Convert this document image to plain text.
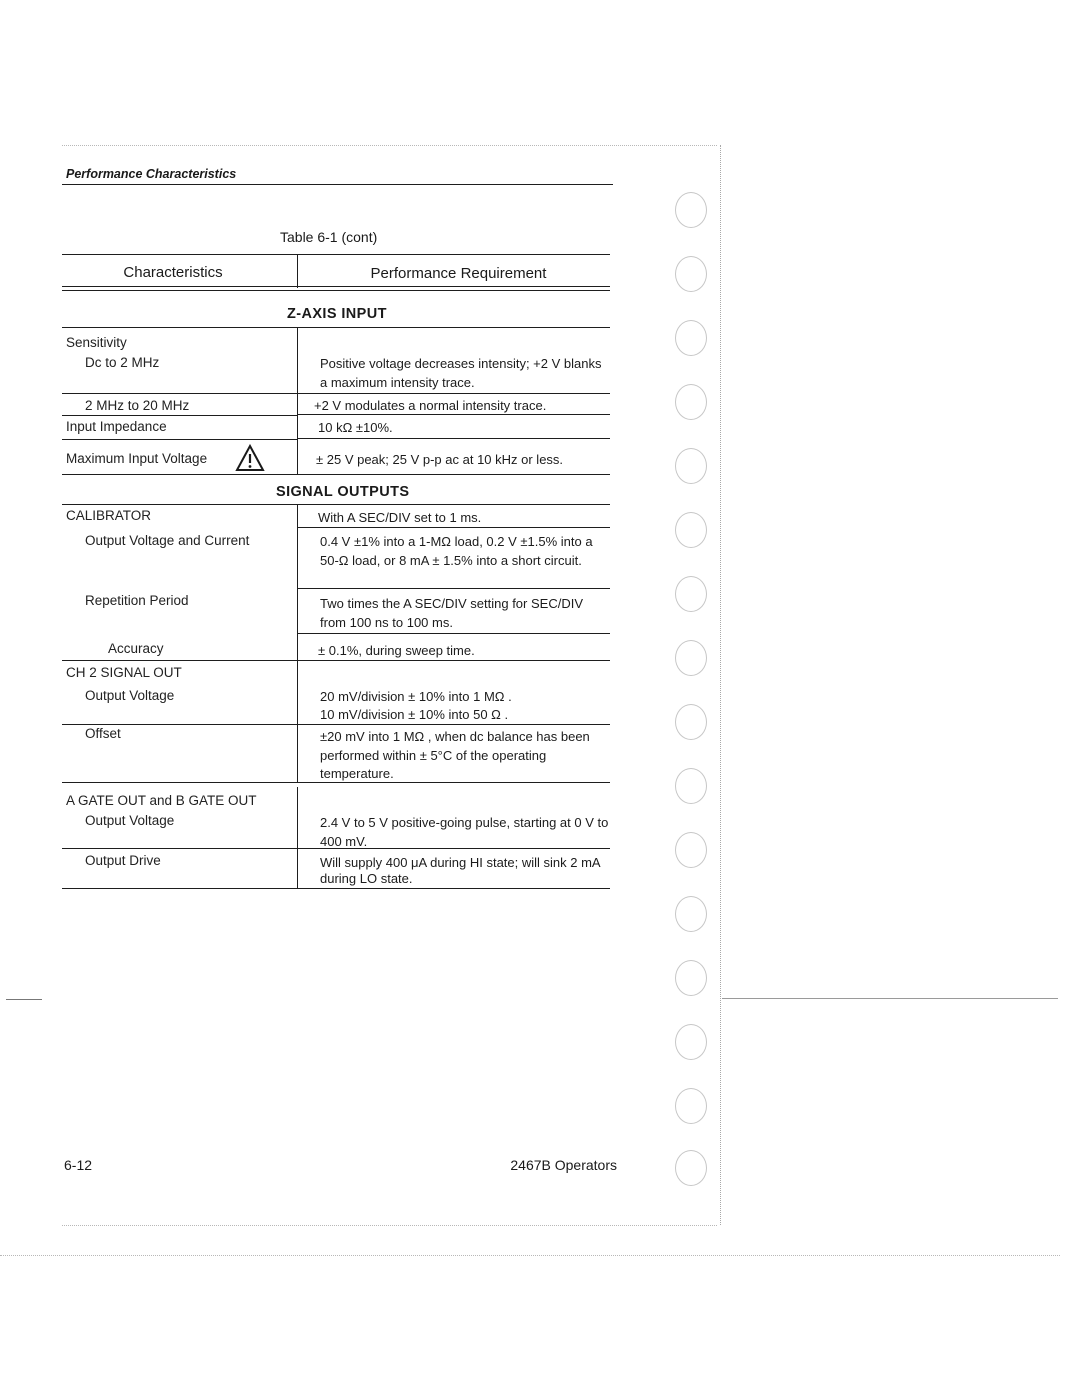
Performance Characteristics
Table 6-1 (cont)
Characteristics	Performance Requirement
Z-AXIS INPUT
Sensitivity
Dc to 2 MHz	Positive voltage decreases intensity; +2 V blanks a maximum intensity trace.
2 MHz to 20 MHz	+2 V modulates a normal intensity trace.
Input Impedance	10 kΩ ±10%.
Maximum Input Voltage	± 25 V peak; 25 V p-p ac at 10 kHz or less.
SIGNAL OUTPUTS
CALIBRATOR	With A SEC/DIV set to 1 ms.
Output Voltage and Current	0.4 V ±1% into a 1-MΩ load, 0.2 V ±1.5% into a 50-Ω load, or 8 mA ± 1.5% into a short circuit.
Repetition Period	Two times the A SEC/DIV setting for SEC/DIV from 100 ns to 100 ms.
Accuracy	± 0.1%, during sweep time.
CH 2 SIGNAL OUT
Output Voltage	20 mV/division ± 10% into 1 MΩ .
10 mV/division ± 10% into 50 Ω .
Offset	±20 mV into 1 MΩ , when dc balance has been performed within ± 5°C of the operating temperature.
A GATE OUT and B GATE OUT
Output Voltage	2.4 V to 5 V positive-going pulse, starting at 0 V to 400 mV.
Output Drive	Will supply 400 μA during HI state; will sink 2 mA during LO state.
6-12	2467B Operators
